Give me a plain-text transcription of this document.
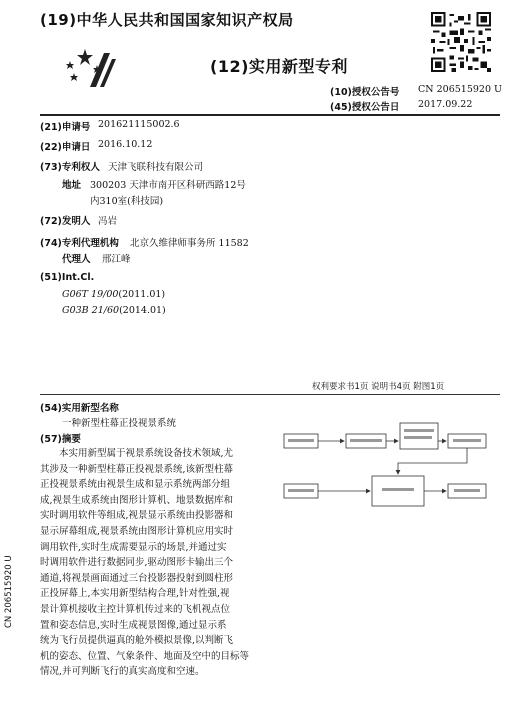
(19)中华人民共和国国家知识产权局
(12)实用新型专利
(10)授权公告号 CN 206515920 U
(45)授权公告日 2017.09.22
(21)申请号 201621115002.6
(22)申请日 2016.10.12
(73)专利权人 天津飞联科技有限公司
地址 300203 天津市南开区科研西路12号
内310室(科技园)
(72)发明人 冯岩
(74)专利代理机构 北京久维律师事务所 11582
代理人 邢江峰
(51)Int.Cl.
G06T 19/00(2011.01)
G03B 21/60(2014.01)
权利要求书1页 说明书4页 附图1页
(54)实用新型名称
一种新型柱幕正投视景系统
(57)摘要
本实用新型属于视景系统设备技术领域,尤
其涉及一种新型柱幕正投视景系统,该新型柱幕
正投视景系统由视景生成和显示系统两部分组
成,视景生成系统由图形计算机、地景数据库和
实时调用软件等组成,视景显示系统由投影器和
显示屏幕组成,视景系统由图形计算机应用实时
调用软件,实时生成需要显示的场景,并通过实
时调用软件进行数据同步,驱动图形卡输出三个
通道,将视景画面通过三台投影器投射到圆柱形
正投屏幕上,本实用新型结构合理,针对性强,视
景计算机接收主控计算机传过来的飞机视点位
置和姿态信息,实时生成视景图像,通过显示系
统为飞行员提供逼真的舱外模拟景像,以判断飞
机的姿态、位置、气象条件、地面及空中的目标等
情况,并可判断飞行的真实高度和空速。
CN 206515920 U
